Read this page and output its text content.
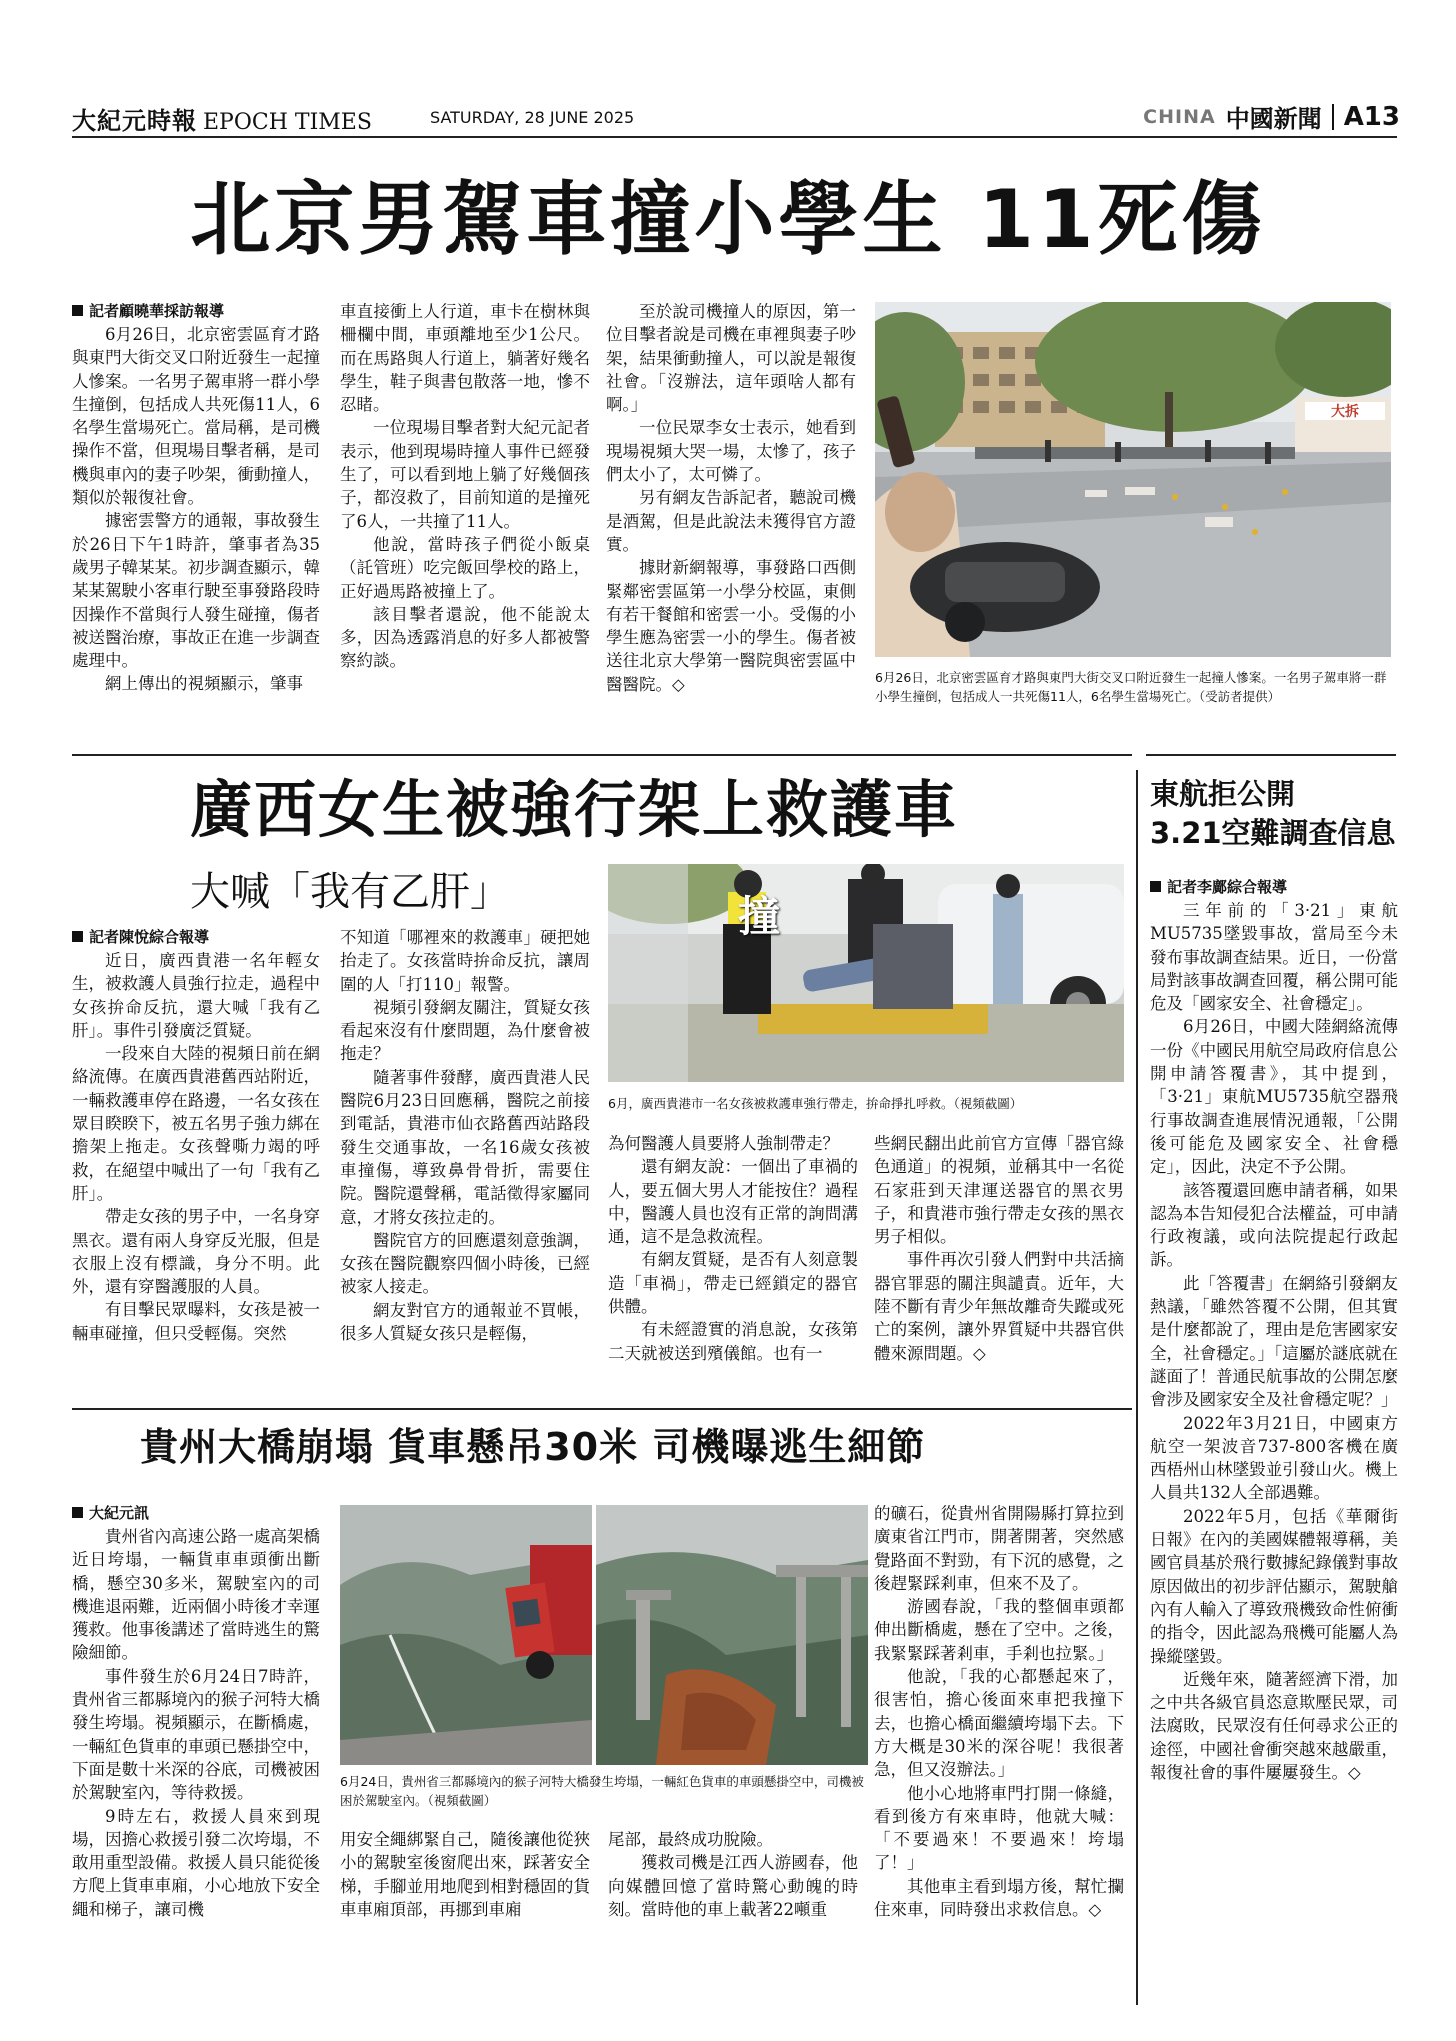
大紀元時報 EPOCH TIMES	SATURDAY, 28 JUNE 2025	CHINA 中國新聞 A13
北京男駕車撞小學生 11死傷
記者顧曉華採訪報導

6月26日，北京密雲區育才路與東門大街交叉口附近發生一起撞人慘案。一名男子駕車將一群小學生撞倒，包括成人共死傷11人，6名學生當場死亡。當局稱，是司機操作不當，但現場目擊者稱，是司機與車內的妻子吵架，衝動撞人，類似於報復社會。

據密雲警方的通報，事故發生於26日下午1時許，肇事者為35歲男子韓某某。初步調查顯示，韓某某駕駛小客車行駛至事發路段時因操作不當與行人發生碰撞，傷者被送醫治療，事故正在進一步調查處理中。

網上傳出的視頻顯示，肇事

車直接衝上人行道，車卡在樹林與柵欄中間，車頭離地至少1公尺。而在馬路與人行道上，躺著好幾名學生，鞋子與書包散落一地，慘不忍睹。

一位現場目擊者對大紀元記者表示，他到現場時撞人事件已經發生了，可以看到地上躺了好幾個孩子，都沒救了，目前知道的是撞死了6人，一共撞了11人。

他說，當時孩子們從小飯桌（託管班）吃完飯回學校的路上，正好過馬路被撞上了。

該目擊者還說，他不能說太多，因為透露消息的好多人都被警察約談。

至於說司機撞人的原因，第一位目擊者說是司機在車裡與妻子吵架，結果衝動撞人，可以說是報復社會。「沒辦法，這年頭啥人都有啊。」

一位民眾李女士表示，她看到現場視頻大哭一場，太慘了，孩子們太小了，太可憐了。

另有網友告訴記者，聽說司機是酒駕，但是此說法未獲得官方證實。

據財新網報導，事發路口西側緊鄰密雲區第一小學分校區，東側有若干餐館和密雲一小。受傷的小學生應為密雲一小的學生。傷者被送往北京大學第一醫院與密雲區中醫醫院。◇

大拆
6月26日，北京密雲區育才路與東門大街交叉口附近發生一起撞人慘案。一名男子駕車將一群小學生撞倒，包括成人一共死傷11人，6名學生當場死亡。（受訪者提供）
廣西女生被強行架上救護車
大喊「我有乙肝」	撞
6月，廣西貴港市一名女孩被救護車強行帶走，拚命掙扎呼救。（視頻截圖）
記者陳悅綜合報導

近日，廣西貴港一名年輕女生，被救護人員強行拉走，過程中女孩拚命反抗，還大喊「我有乙肝」。事件引發廣泛質疑。

一段來自大陸的視頻日前在網絡流傳。在廣西貴港舊西站附近，一輛救護車停在路邊，一名女孩在眾目睽睽下，被五名男子強力綁在擔架上拖走。女孩聲嘶力竭的呼救，在絕望中喊出了一句「我有乙肝」。

帶走女孩的男子中，一名身穿黑衣。還有兩人身穿反光服，但是衣服上沒有標識，身分不明。此外，還有穿醫護服的人員。

有目擊民眾曝料，女孩是被一輛車碰撞，但只受輕傷。突然

不知道「哪裡來的救護車」硬把她抬走了。女孩當時拚命反抗，讓周圍的人「打110」報警。

視頻引發網友關注，質疑女孩看起來沒有什麼問題，為什麼會被拖走？

隨著事件發酵，廣西貴港人民醫院6月23日回應稱，醫院之前接到電話，貴港市仙衣路舊西站路段發生交通事故，一名16歲女孩被車撞傷，導致鼻骨骨折，需要住院。醫院還聲稱，電話徵得家屬同意，才將女孩拉走的。

醫院官方的回應還刻意強調，女孩在醫院觀察四個小時後，已經被家人接走。

網友對官方的通報並不買帳，很多人質疑女孩只是輕傷，

為何醫護人員要將人強制帶走？

還有網友說：一個出了車禍的人，要五個大男人才能按住？過程中，醫護人員也沒有正常的詢問溝通，這不是急救流程。

有網友質疑，是否有人刻意製造「車禍」，帶走已經鎖定的器官供體。

有未經證實的消息說，女孩第二天就被送到殯儀館。也有一

些網民翻出此前官方宣傳「器官綠色通道」的視頻，並稱其中一名從石家莊到天津運送器官的黑衣男子，和貴港市強行帶走女孩的黑衣男子相似。

事件再次引發人們對中共活摘器官罪惡的關注與譴責。近年，大陸不斷有青少年無故離奇失蹤或死亡的案例，讓外界質疑中共器官供體來源問題。◇

東航拒公開
3.21空難調查信息
記者李鄺綜合報導

三年前的「3·21」東航MU5735墜毀事故，當局至今未發布事故調查結果。近日，一份當局對該事故調查回覆，稱公開可能危及「國家安全、社會穩定」。

6月26日，中國大陸網絡流傳一份《中國民用航空局政府信息公開申請答覆書》，其中提到，「3·21」東航MU5735航空器飛行事故調查進展情況通報，「公開後可能危及國家安全、社會穩定」，因此，決定不予公開。

該答覆還回應申請者稱，如果認為本告知侵犯合法權益，可申請行政複議，或向法院提起行政起訴。

此「答覆書」在網絡引發網友熱議，「雖然答覆不公開，但其實是什麼都說了，理由是危害國家安全，社會穩定。」「這屬於謎底就在謎面了！普通民航事故的公開怎麼會涉及國家安全及社會穩定呢？」

2022年3月21日，中國東方航空一架波音737-800客機在廣西梧州山林墜毀並引發山火。機上人員共132人全部遇難。

2022年5月，包括《華爾街日報》在內的美國媒體報導稱，美國官員基於飛行數據紀錄儀對事故原因做出的初步評估顯示，駕駛艙內有人輸入了導致飛機致命性俯衝的指令，因此認為飛機可能屬人為操縱墜毀。

近幾年來，隨著經濟下滑，加之中共各級官員恣意欺壓民眾，司法腐敗，民眾沒有任何尋求公正的途徑，中國社會衝突越來越嚴重，報復社會的事件屢屢發生。◇

貴州大橋崩塌 貨車懸吊30米 司機曝逃生細節
大紀元訊

貴州省內高速公路一處高架橋近日垮塌，一輛貨車車頭衝出斷橋，懸空30多米，駕駛室內的司機進退兩難，近兩個小時後才幸運獲救。他事後講述了當時逃生的驚險細節。

事件發生於6月24日7時許，貴州省三都縣境內的猴子河特大橋發生垮塌。視頻顯示，在斷橋處，一輛紅色貨車的車頭已懸掛空中，下面是數十米深的谷底，司機被困於駕駛室內，等待救援。

9時左右，救援人員來到現場，因擔心救援引發二次垮塌，不敢用重型設備。救援人員只能從後方爬上貨車車廂，小心地放下安全繩和梯子，讓司機

6月24日，貴州省三都縣境內的猴子河特大橋發生垮塌，一輛紅色貨車的車頭懸掛空中，司機被困於駕駛室內。（視頻截圖）

用安全繩綁緊自己，隨後讓他從狹小的駕駛室後窗爬出來，踩著安全梯，手腳並用地爬到相對穩固的貨車車廂頂部，再挪到車廂

尾部，最終成功脫險。

獲救司機是江西人游國春，他向媒體回憶了當時驚心動魄的時刻。當時他的車上載著22噸重

的礦石，從貴州省開陽縣打算拉到廣東省江門市，開著開著，突然感覺路面不對勁，有下沉的感覺，之後趕緊踩剎車，但來不及了。

游國春說，「我的整個車頭都伸出斷橋處，懸在了空中。之後，我緊緊踩著剎車，手剎也拉緊。」

他說，「我的心都懸起來了，很害怕，擔心後面來車把我撞下去，也擔心橋面繼續垮塌下去。下方大概是30米的深谷呢！我很著急，但又沒辦法。」

他小心地將車門打開一條縫，看到後方有來車時，他就大喊：「不要過來！不要過來！垮塌了！」

其他車主看到塌方後，幫忙攔住來車，同時發出求救信息。◇
